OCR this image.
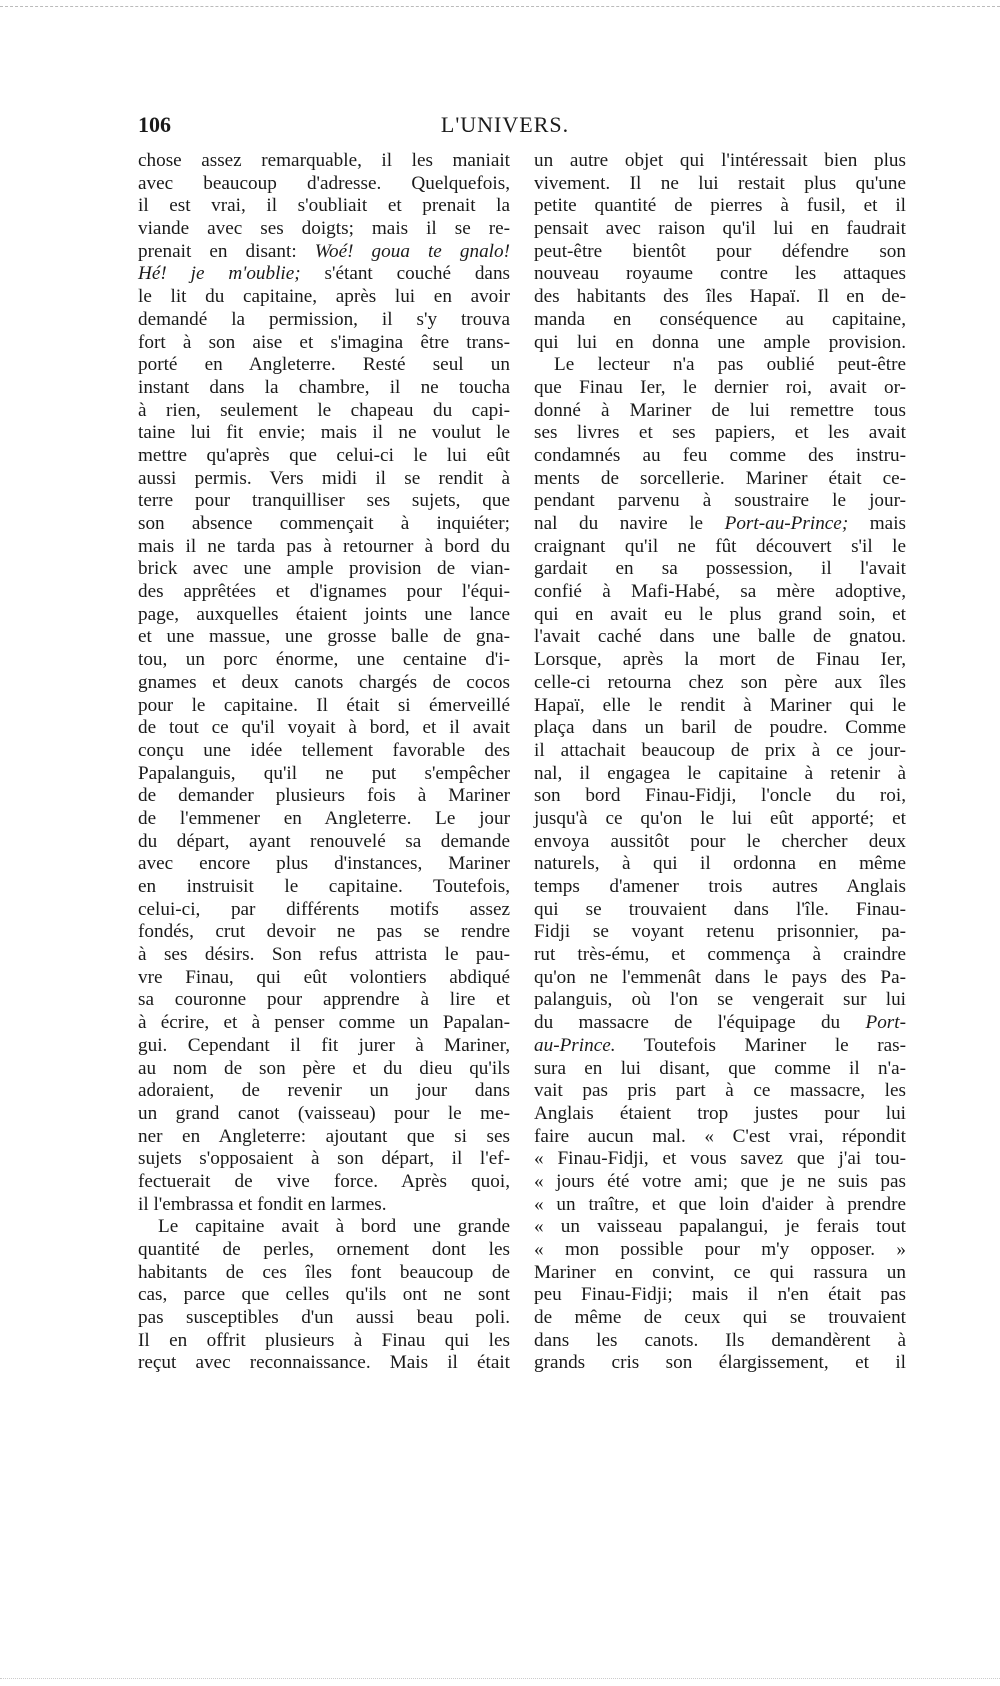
106	L'UNIVERS.
chose assez remarquable, il les maniait
avec beaucoup d'adresse. Quelquefois,
il est vrai, il s'oubliait et prenait la
viande avec ses doigts; mais il se re-
prenait en disant: Woé! goua te gnalo!
Hé! je m'oublie; s'étant couché dans
le lit du capitaine, après lui en avoir
demandé la permission, il s'y trouva
fort à son aise et s'imagina être trans-
porté en Angleterre. Resté seul un
instant dans la chambre, il ne toucha
à rien, seulement le chapeau du capi-
taine lui fit envie; mais il ne voulut le
mettre qu'après que celui-ci le lui eût
aussi permis. Vers midi il se rendit à
terre pour tranquilliser ses sujets, que
son absence commençait à inquiéter;
mais il ne tarda pas à retourner à bord du
brick avec une ample provision de vian-
des apprêtées et d'ignames pour l'équi-
page, auxquelles étaient joints une lance
et une massue, une grosse balle de gna-
tou, un porc énorme, une centaine d'i-
gnames et deux canots chargés de cocos
pour le capitaine. Il était si émerveillé
de tout ce qu'il voyait à bord, et il avait
conçu une idée tellement favorable des
Papalanguis, qu'il ne put s'empêcher
de demander plusieurs fois à Mariner
de l'emmener en Angleterre. Le jour
du départ, ayant renouvelé sa demande
avec encore plus d'instances, Mariner
en instruisit le capitaine. Toutefois,
celui-ci, par différents motifs assez
fondés, crut devoir ne pas se rendre
à ses désirs. Son refus attrista le pau-
vre Finau, qui eût volontiers abdiqué
sa couronne pour apprendre à lire et
à écrire, et à penser comme un Papalan-
gui. Cependant il fit jurer à Mariner,
au nom de son père et du dieu qu'ils
adoraient, de revenir un jour dans
un grand canot (vaisseau) pour le me-
ner en Angleterre: ajoutant que si ses
sujets s'opposaient à son départ, il l'ef-
fectuerait de vive force. Après quoi,
il l'embrassa et fondit en larmes.
Le capitaine avait à bord une grande
quantité de perles, ornement dont les
habitants de ces îles font beaucoup de
cas, parce que celles qu'ils ont ne sont
pas susceptibles d'un aussi beau poli.
Il en offrit plusieurs à Finau qui les
reçut avec reconnaissance. Mais il était
un autre objet qui l'intéressait bien plus
vivement. Il ne lui restait plus qu'une
petite quantité de pierres à fusil, et il
pensait avec raison qu'il lui en faudrait
peut-être bientôt pour défendre son
nouveau royaume contre les attaques
des habitants des îles Hapaï. Il en de-
manda en conséquence au capitaine,
qui lui en donna une ample provision.
Le lecteur n'a pas oublié peut-être
que Finau Ier, le dernier roi, avait or-
donné à Mariner de lui remettre tous
ses livres et ses papiers, et les avait
condamnés au feu comme des instru-
ments de sorcellerie. Mariner était ce-
pendant parvenu à soustraire le jour-
nal du navire le Port-au-Prince; mais
craignant qu'il ne fût découvert s'il le
gardait en sa possession, il l'avait
confié à Mafi-Habé, sa mère adoptive,
qui en avait eu le plus grand soin, et
l'avait caché dans une balle de gnatou.
Lorsque, après la mort de Finau Ier,
celle-ci retourna chez son père aux îles
Hapaï, elle le rendit à Mariner qui le
plaça dans un baril de poudre. Comme
il attachait beaucoup de prix à ce jour-
nal, il engagea le capitaine à retenir à
son bord Finau-Fidji, l'oncle du roi,
jusqu'à ce qu'on le lui eût apporté; et
envoya aussitôt pour le chercher deux
naturels, à qui il ordonna en même
temps d'amener trois autres Anglais
qui se trouvaient dans l'île. Finau-
Fidji se voyant retenu prisonnier, pa-
rut très-ému, et commença à craindre
qu'on ne l'emmenât dans le pays des Pa-
palanguis, où l'on se vengerait sur lui
du massacre de l'équipage du Port-
au-Prince. Toutefois Mariner le ras-
sura en lui disant, que comme il n'a-
vait pas pris part à ce massacre, les
Anglais étaient trop justes pour lui
faire aucun mal. « C'est vrai, répondit
« Finau-Fidji, et vous savez que j'ai tou-
« jours été votre ami; que je ne suis pas
« un traître, et que loin d'aider à prendre
« un vaisseau papalangui, je ferais tout
« mon possible pour m'y opposer. »
Mariner en convint, ce qui rassura un
peu Finau-Fidji; mais il n'en était pas
de même de ceux qui se trouvaient
dans les canots. Ils demandèrent à
grands cris son élargissement, et il
